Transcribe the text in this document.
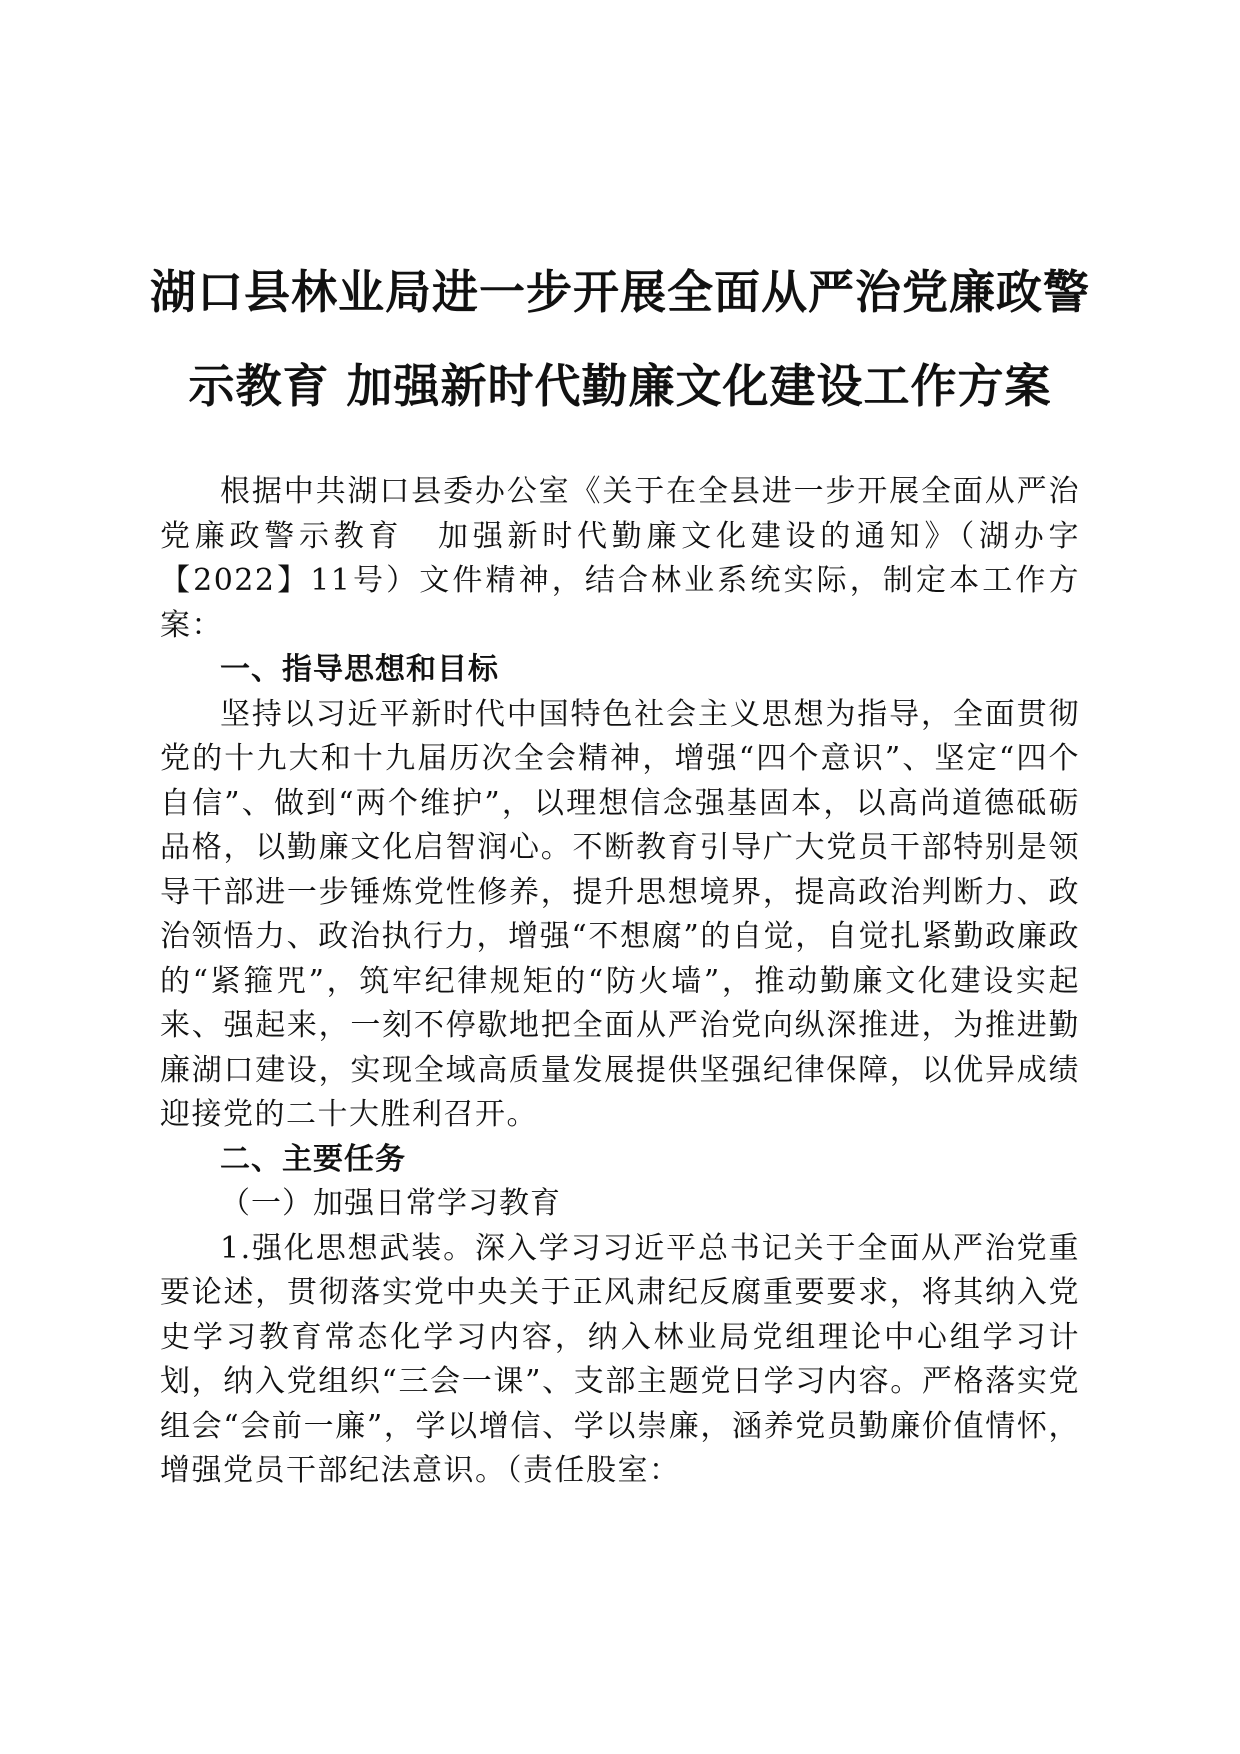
湖口县林业局进一步开展全面从严治党廉政警
示教育 加强新时代勤廉文化建设工作方案

根据中共湖口县委办公室《关于在全县进一步开展全面从严治党廉政警示教育　加强新时代勤廉文化建设的通知》（湖办字【2022】11号）文件精神，结合林业系统实际，制定本工作方案：

一、指导思想和目标

坚持以习近平新时代中国特色社会主义思想为指导，全面贯彻党的十九大和十九届历次全会精神，增强“四个意识”、坚定“四个自信”、做到“两个维护”，以理想信念强基固本，以高尚道德砥砺品格，以勤廉文化启智润心。不断教育引导广大党员干部特别是领导干部进一步锤炼党性修养，提升思想境界，提高政治判断力、政治领悟力、政治执行力，增强“不想腐”的自觉，自觉扎紧勤政廉政的“紧箍咒”，筑牢纪律规矩的“防火墙”，推动勤廉文化建设实起来、强起来，一刻不停歇地把全面从严治党向纵深推进，为推进勤廉湖口建设，实现全域高质量发展提供坚强纪律保障，以优异成绩迎接党的二十大胜利召开。

二、主要任务

（一）加强日常学习教育

1.强化思想武装。深入学习习近平总书记关于全面从严治党重要论述，贯彻落实党中央关于正风肃纪反腐重要要求，将其纳入党史学习教育常态化学习内容，纳入林业局党组理论中心组学习计划，纳入党组织“三会一课”、支部主题党日学习内容。严格落实党组会“会前一廉”，学以增信、学以崇廉，涵养党员勤廉价值情怀，增强党员干部纪法意识。（责任股室：
